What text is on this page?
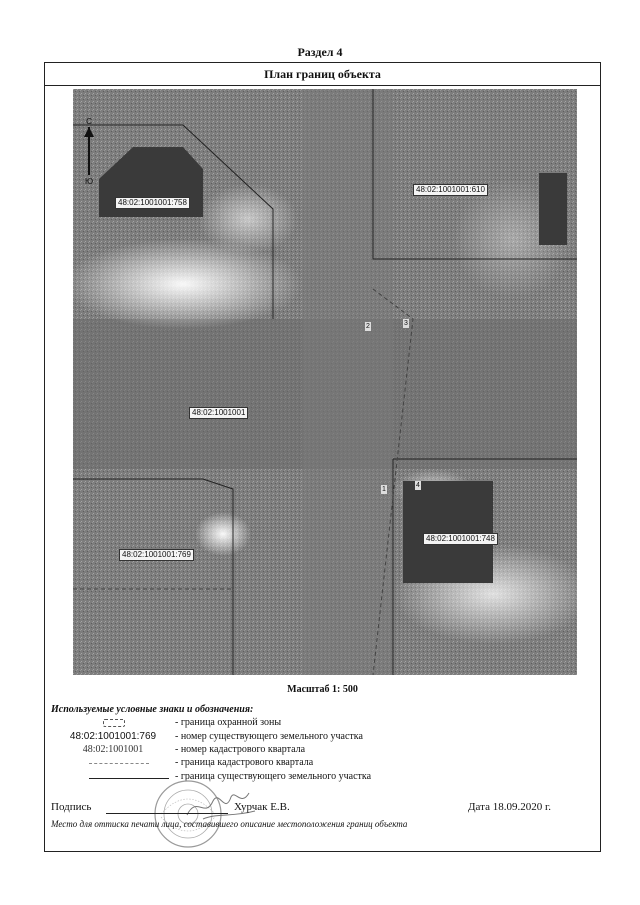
Раздел 4
План границ объекта
С
Ю
48:02:1001001:758
48:02:1001001:610
48:02:1001001
48:02:1001001:769
48:02:1001001:748
2	3
1
4
Масштаб 1: 500
Используемые условные знаки и обозначения:
- граница охранной зоны
48:02:1001001:769	- номер существующего земельного участка
48:02:1001001	- номер кадастрового квартала
- граница кадастрового квартала
- граница существующего земельного участка
Подпись	Хурчак Е.В.	Дата 18.09.2020 г.
Место для оттиска печати лица, составившего описание местоположения границ объекта
